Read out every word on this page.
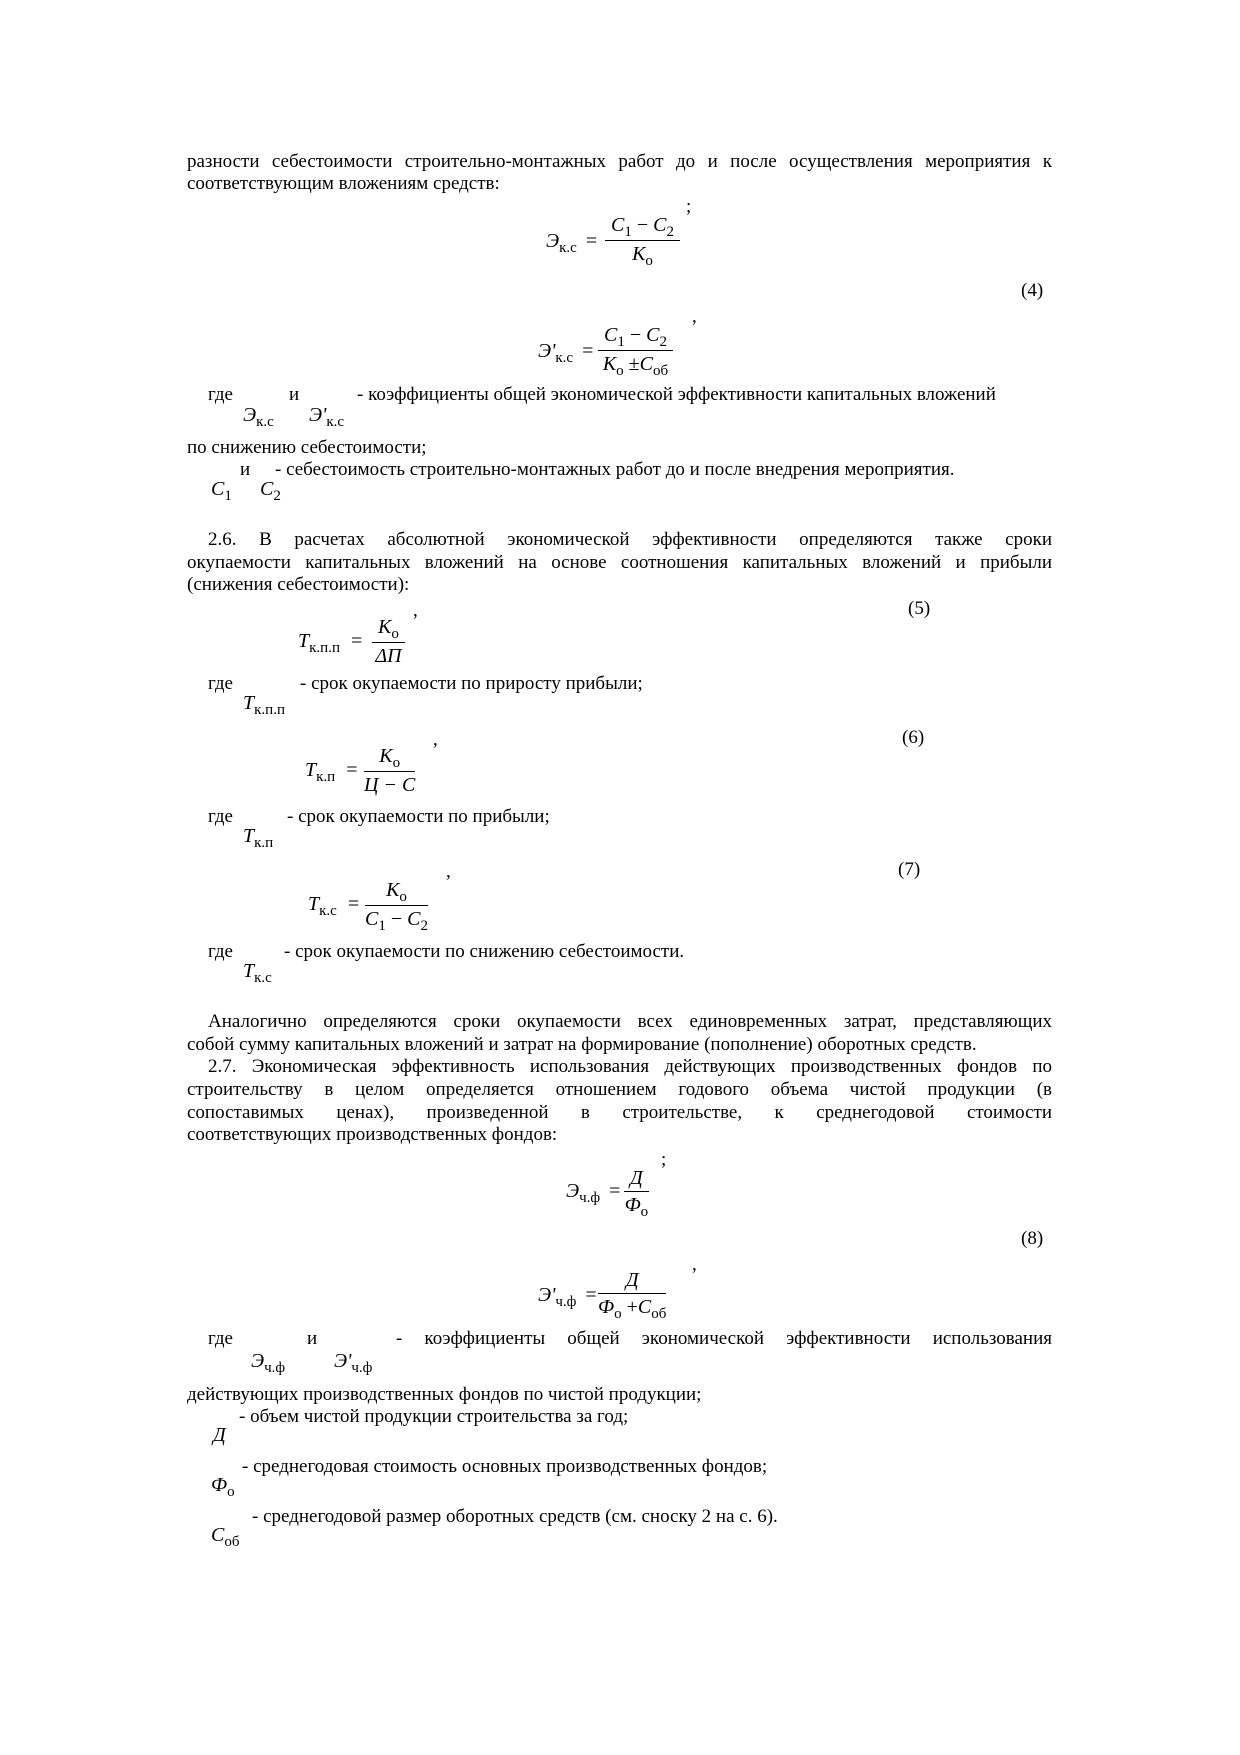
разности себестоимости строительно-монтажных работ до и после осуществления мероприятия к
соответствующим вложениям средств:
;
$Э_{к.с}$ =
$C_1 - C_2$
$K_о$
(4)
,
$Э'_{к.с}$ =
$C_1 - C_2$
$K_о \pm C_{об}$
где	и	- коэффициенты общей экономической эффективности капитальных вложений
$Э_{к.с}$ $Э'_{к.с}$
по снижению себестоимости;
и - себестоимость строительно-монтажных работ до и после внедрения мероприятия.
$C_1$ $C_2$
2.6. В расчетах абсолютной экономической эффективности определяются также сроки
окупаемости капитальных вложений на основе соотношения капитальных вложений и прибыли
(снижения себестоимости):
,	(5)
$T_{к.п.п}$ =
$K_о$
ΔП
где	- срок окупаемости по приросту прибыли;
$T_{к.п.п}$
,	(6)
$T_{к.п}$ =
$K_о$
Ц − С
где	- срок окупаемости по прибыли;
$T_{к.п}$
,	(7)
$T_{к.с}$ =
$K_о$
$C_1 - C_2$
где	- срок окупаемости по снижению себестоимости.
$T_{к.с}$
Аналогично определяются сроки окупаемости всех единовременных затрат, представляющих
собой сумму капитальных вложений и затрат на формирование (пополнение) оборотных средств.
2.7. Экономическая эффективность использования действующих производственных фондов по
строительству в целом определяется отношением годового объема чистой продукции (в
сопоставимых ценах), произведенной в строительстве, к среднегодовой стоимости
соответствующих производственных фондов:
;
$Э_{ч.ф}$ =
Д
$Ф_о$
(8)
,
$Э'_{ч.ф}$ =
Д
$Ф_о +C_{об}$
где	и	- коэффициенты общей экономической эффективности использования
$Э_{ч.ф}$ $Э'_{ч.ф}$
действующих производственных фондов по чистой продукции;
- объем чистой продукции строительства за год;
Д
- среднегодовая стоимость основных производственных фондов;
$Ф_о$
- среднегодовой размер оборотных средств (см. сноску 2 на с. 6).
$C_{об}$
